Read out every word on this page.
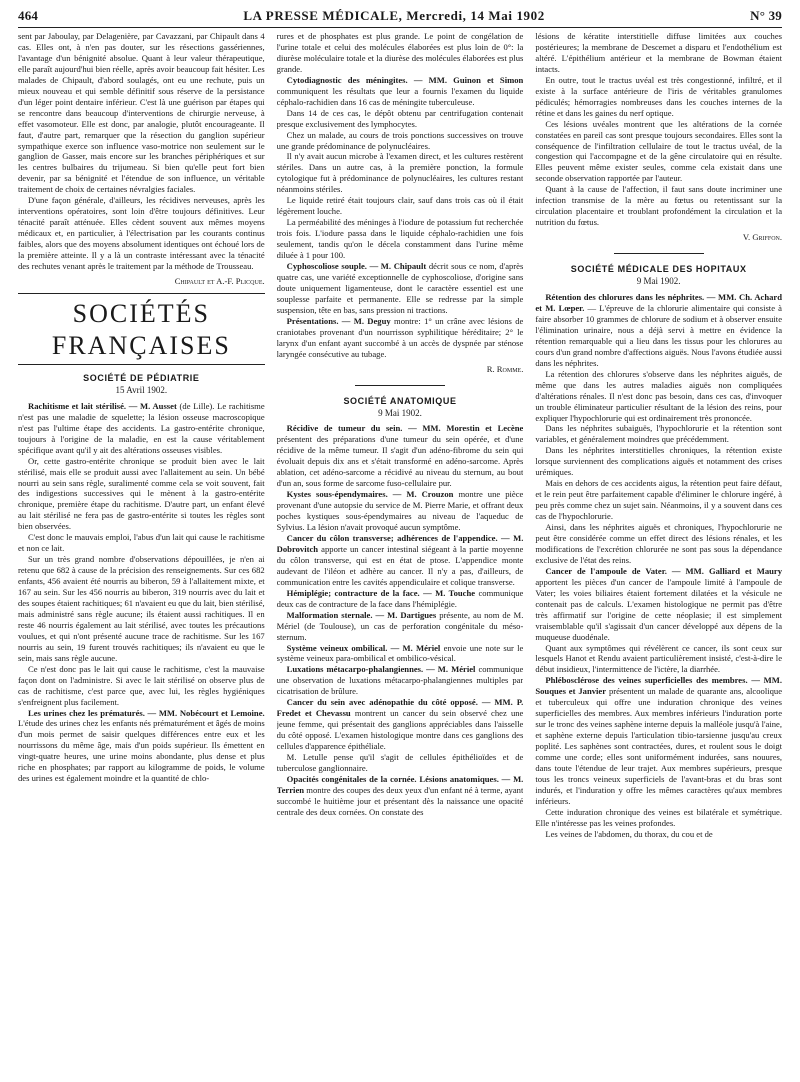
464	LA PRESSE MÉDICALE, Mercredi, 14 Mai 1902	N° 39

sent par Jaboulay, par Delagenière, par Cavazzani, par Chipault dans 4 cas. Elles ont, à n'en pas douter, sur les résections gassériennes, l'avantage d'un bénignité absolue. Quant à leur valeur thérapeutique, elle paraît aujourd'hui bien réelle, après avoir beaucoup fait hésiter. Les malades de Chipault, d'abord soulagés, ont eu une rechute, puis un mieux nouveau et qui semble définitif sous réserve de la persistance d'un léger point dentaire inférieur. C'est là une guérison par étapes qui se rencontre dans beaucoup d'interventions de chirurgie nerveuse, à effet vasomoteur. Elle est donc, par analogie, plutôt encourageante. Il faut, d'autre part, remarquer que la résection du ganglion supérieur sympathique exerce son influence vaso-motrice non seulement sur le ganglion de Gasser, mais encore sur les branches périphériques et sur les centres bulbaires du trijumeau. Si bien qu'elle peut fort bien devenir, par sa bénignité et l'étendue de son influence, un véritable traitement de choix de certaines névralgies faciales.

D'une façon générale, d'ailleurs, les récidives nerveuses, après les interventions opératoires, sont loin d'être toujours définitives. Leur ténacité paraît atténuée. Elles cèdent souvent aux mêmes moyens médicaux et, en particulier, à l'électrisation par les courants continus faibles, alors que des moyens absolument identiques ont échoué lors de la première atteinte. Il y a là un contraste intéressant avec la ténacité des rechutes venant après le traitement par la méthode de Trousseau.

Chipault et A.-F. Plicque.

SOCIÉTÉS FRANÇAISES
SOCIÉTÉ DE PÉDIATRIE
15 Avril 1902.

Rachitisme et lait stérilisé. — M. Ausset (de Lille). Le rachitisme n'est pas une maladie de squelette; la lésion osseuse macroscopique n'est pas l'ultime étape des accidents. La gastro-entérite chronique, toujours à l'origine de la maladie, en est la cause véritablement spécifique avant qu'il y ait des altérations osseuses visibles.

Or, cette gastro-entérite chronique se produit bien avec le lait stérilisé, mais elle se produit aussi avec l'allaitement au sein. Un bébé nourri au sein sans règle, suralimenté comme cela se voit souvent, fait des indigestions successives qui le mènent à la gastro-entérite chronique, première étape du rachitisme. D'autre part, un enfant élevé au lait stérilisé ne fera pas de gastro-entérite si toutes les règles sont bien observées.

C'est donc le mauvais emploi, l'abus d'un lait qui cause le rachitisme et non ce lait.

Sur un très grand nombre d'observations dépouillées, je n'en ai retenu que 682 à cause de la précision des renseignements. Sur ces 682 enfants, 456 avaient été nourris au biberon, 59 à l'allaitement mixte, et 167 au sein. Sur les 456 nourris au biberon, 319 nourris avec du lait et des soupes étaient rachitiques; 61 n'avaient eu que du lait, bien stérilisé, mais administré sans règle aucune; ils étaient aussi rachitiques. Il en reste 46 nourris également au lait stérilisé, avec toutes les précautions voulues, et qui n'ont présenté aucune trace de rachitisme. Sur les 167 nourris au sein, 19 furent trouvés rachitiques; ils n'avaient eu que le sein, mais sans règle aucune.

Ce n'est donc pas le lait qui cause le rachitisme, c'est la mauvaise façon dont on l'administre. Si avec le lait stérilisé on observe plus de cas de rachitisme, c'est parce que, avec lui, les règles hygiéniques s'enfreignent plus facilement.

Les urines chez les prématurés. — MM. Nobécourt et Lemoine. L'étude des urines chez les enfants nés prématurément et âgés de moins d'un mois permet de saisir quelques différences entre eux et les nourrissons du même âge, mais d'un poids supérieur. Ils émettent en vingt-quatre heures, une urine moins abondante, plus dense et plus riche en phosphates; par rapport au kilogramme de poids, le volume des urines est également moindre et la quantité de chlo-

rures et de phosphates est plus grande. Le point de congélation de l'urine totale et celui des molécules élaborées est plus loin de 0°: la diurèse moléculaire totale et la diurèse des molécules élaborées est plus grande.

Cytodiagnostic des méningites. — MM. Guinon et Simon communiquent les résultats que leur a fournis l'examen du liquide céphalo-rachidien dans 16 cas de méningite tuberculeuse.

Dans 14 de ces cas, le dépôt obtenu par centrifugation contenait presque exclusivement des lymphocytes.

Chez un malade, au cours de trois ponctions successives on trouve une grande prédominance de polynucléaires.

Il n'y avait aucun microbe à l'examen direct, et les cultures restèrent stériles. Dans un autre cas, à la première ponction, la formule cytologique fut à prédominance de polynucléaires, les cultures restant néanmoins stériles.

Le liquide retiré était toujours clair, sauf dans trois cas où il était légèrement louche.

La perméabilité des méninges à l'iodure de potassium fut recherchée trois fois. L'iodure passa dans le liquide céphalo-rachidien une fois seulement, tandis qu'on le décela constamment dans l'urine même diluée à 1 pour 100.

Cyphoscoliose souple. — M. Chipault décrit sous ce nom, d'après quatre cas, une variété exceptionnelle de cyphoscoliose, d'origine sans doute uniquement ligamenteuse, dont le caractère essentiel est une souplesse parfaite et permanente. Elle se redresse par la simple suspension, tête en bas, sans pression ni tractions.

Présentations. — M. Deguy montre: 1° un crâne avec lésions de craniotabes provenant d'un nourrisson syphilitique héréditaire; 2° le larynx d'un enfant ayant succombé à un accès de dyspnée par sténose laryngée consécutive au tubage.

R. Romme.

SOCIÉTÉ ANATOMIQUE
9 Mai 1902.

Récidive de tumeur du sein. — MM. Morestin et Lecène présentent des préparations d'une tumeur du sein opérée, et d'une récidive de la même tumeur. Il s'agit d'un adéno-fibrome du sein qui évoluait depuis dix ans et s'était transformé en adéno-sarcome. Après ablation, cet adéno-sarcome a récidivé au niveau du sternum, au bout d'un an, sous forme de sarcome fuso-cellulaire pur.

Kystes sous-épendymaires. — M. Crouzon montre une pièce provenant d'une autopsie du service de M. Pierre Marie, et offrant deux poches kystiques sous-épendymaires au niveau de l'aqueduc de Sylvius. La lésion n'avait provoqué aucun symptôme.

Cancer du côlon transverse; adhérences de l'appendice. — M. Dobrovitch apporte un cancer intestinal siégeant à la partie moyenne du côlon transverse, qui est en état de ptose. L'appendice monte audevant de l'iléon et adhère au cancer. Il n'y a pas, d'ailleurs, de communication entre les cavités appendiculaire et colique transverse.

Hémiplégie; contracture de la face. — M. Touche communique deux cas de contracture de la face dans l'hémiplégie.

Malformation sternale. — M. Dartigues présente, au nom de M. Mériel (de Toulouse), un cas de perforation congénitale du méso-sternum.

Système veineux ombilical. — M. Mériel envoie une note sur le système veineux para-ombilical et ombilico-vésical.

Luxations métacarpo-phalangiennes. — M. Mériel communique une observation de luxations métacarpo-phalangiennes multiples par cicatrisation de brûlure.

Cancer du sein avec adénopathie du côté opposé. — MM. P. Fredet et Chevassu montrent un cancer du sein observé chez une jeune femme, qui présentait des ganglions appréciables dans l'aisselle du côté opposé. L'examen histologique montre dans ces ganglions des cellules d'apparence épithéliale.

M. Letulle pense qu'il s'agit de cellules épithélioïdes et de tuberculose ganglionnaire.

Opacités congénitales de la cornée. Lésions anatomiques. — M. Terrien montre des coupes des deux yeux d'un enfant né à terme, ayant succombé le huitième jour et présentant dès la naissance une opacité centrale des deux cornées. On constate des

lésions de kératite interstitielle diffuse limitées aux couches postérieures; la membrane de Descemet a disparu et l'endothélium est altéré. L'épithélium antérieur et la membrane de Bowman étaient intacts.

En outre, tout le tractus uvéal est très congestionné, infiltré, et il existe à la surface antérieure de l'iris de véritables granulomes pédiculés; hémorragies nombreuses dans les couches internes de la rétine et dans les gaines du nerf optique.

Ces lésions uvéales montrent que les altérations de la cornée constatées en pareil cas sont presque toujours secondaires. Elles sont la conséquence de l'infiltration cellulaire de tout le tractus uvéal, de la congestion qui l'accompagne et de la gêne circulatoire qui en résulte. Elles peuvent même exister seules, comme cela existait dans une seconde observation rapportée par l'auteur.

Quant à la cause de l'affection, il faut sans doute incriminer une infection transmise de la mère au fœtus ou retentissant sur la circulation placentaire et troublant profondément la circulation et la nutrition du fœtus.

V. Griffon.

SOCIÉTÉ MÉDICALE DES HOPITAUX
9 Mai 1902.

Rétention des chlorures dans les néphrites. — MM. Ch. Achard et M. Lœper. — L'épreuve de la chlorurie alimentaire qui consiste à faire absorber 10 grammes de chlorure de sodium et à observer ensuite l'élimination urinaire, nous a déjà servi à mettre en évidence la rétention remarquable qui a lieu dans les tissus pour les chlorures au cours d'un grand nombre d'affections aiguës. Nous l'avons étudiée aussi dans les néphrites.

La rétention des chlorures s'observe dans les néphrites aiguës, de même que dans les autres maladies aiguës non compliquées d'altérations rénales. Il n'est donc pas besoin, dans ces cas, d'invoquer un trouble éliminateur particulier résultant de la lésion des reins, pour expliquer l'hypochlorurie qui est ordinairement très prononcée.

Dans les néphrites subaiguës, l'hypochlorurie et la rétention sont variables, et généralement moindres que précédemment.

Dans les néphrites interstitielles chroniques, la rétention existe lorsque surviennent des complications aiguës et notamment des crises urémiques.

Mais en dehors de ces accidents aigus, la rétention peut faire défaut, et le rein peut être parfaitement capable d'éliminer le chlorure ingéré, à peu près comme chez un sujet sain. Néanmoins, il y a souvent dans ces cas de l'hypochlorurie.

Ainsi, dans les néphrites aiguës et chroniques, l'hypochlorurie ne peut être considérée comme un effet direct des lésions rénales, et les modifications de l'excrétion chlorurée ne sont pas sous la dépendance exclusive de l'état des reins.

Cancer de l'ampoule de Vater. — MM. Galliard et Maury apportent les pièces d'un cancer de l'ampoule limité à l'ampoule de Vater; les voies biliaires étaient fortement dilatées et la vésicule ne contenait pas de calculs. L'examen histologique ne permit pas d'être très affirmatif sur l'origine de cette néoplasie; il est simplement vraisemblable qu'il s'agissait d'un cancer développé aux dépens de la muqueuse duodénale.

Quant aux symptômes qui révélèrent ce cancer, ils sont ceux sur lesquels Hanot et Rendu avaient particulièrement insisté, c'est-à-dire le début insidieux, l'intermittence de l'ictère, la diarrhée.

Phlébosclérose des veines superficielles des membres. — MM. Souques et Janvier présentent un malade de quarante ans, alcoolique et tuberculeux qui offre une induration chronique des veines superficielles des membres. Aux membres inférieurs l'induration porte sur le tronc des veines saphène interne depuis la malléole jusqu'à l'aine, et saphène externe depuis l'articulation tibio-tarsienne jusqu'au creux poplité. Les saphènes sont contractées, dures, et roulent sous le doigt comme une corde; elles sont uniformément indurées, sans nouures, dans toute l'étendue de leur trajet. Aux membres supérieurs, presque tous les troncs veineux superficiels de l'avant-bras et du bras sont indurés, et l'induration y offre les mêmes caractères qu'aux membres inférieurs.

Cette induration chronique des veines est bilatérale et symétrique. Elle n'intéresse pas les veines profondes.

Les veines de l'abdomen, du thorax, du cou et de
